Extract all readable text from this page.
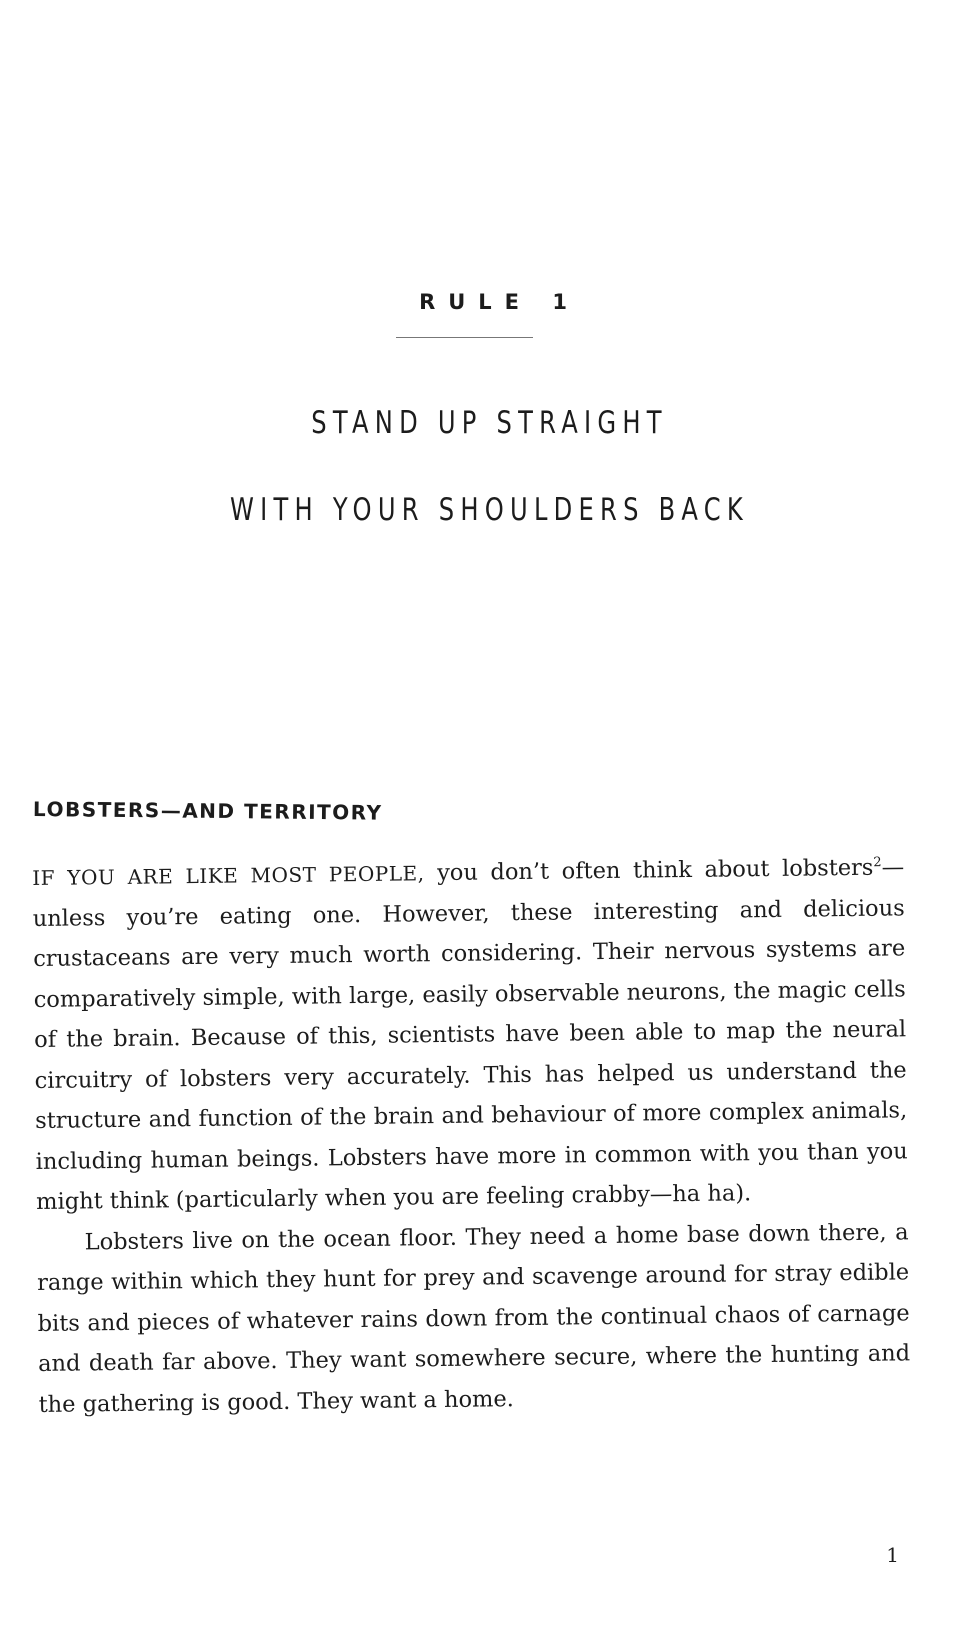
RULE 1
STAND UP STRAIGHT
WITH YOUR SHOULDERS BACK
LOBSTERS—AND TERRITORY

IF YOU ARE LIKE MOST PEOPLE, you don’t often think about lobsters$^2$—unless you’re eating one. However, these interesting and delicious crustaceans are very much worth considering. Their nervous systems are comparatively simple, with large, easily observable neurons, the magic cells of the brain. Because of this, scientists have been able to map the neural circuitry of lobsters very accurately. This has helped us understand the structure and function of the brain and behaviour of more complex animals, including human beings. Lobsters have more in common with you than you might think (particularly when you are feeling crabby—ha ha).

Lobsters live on the ocean floor. They need a home base down there, a range within which they hunt for prey and scavenge around for stray edible bits and pieces of whatever rains down from the continual chaos of carnage and death far above. They want somewhere secure, where the hunting and the gathering is good. They want a home.

1
